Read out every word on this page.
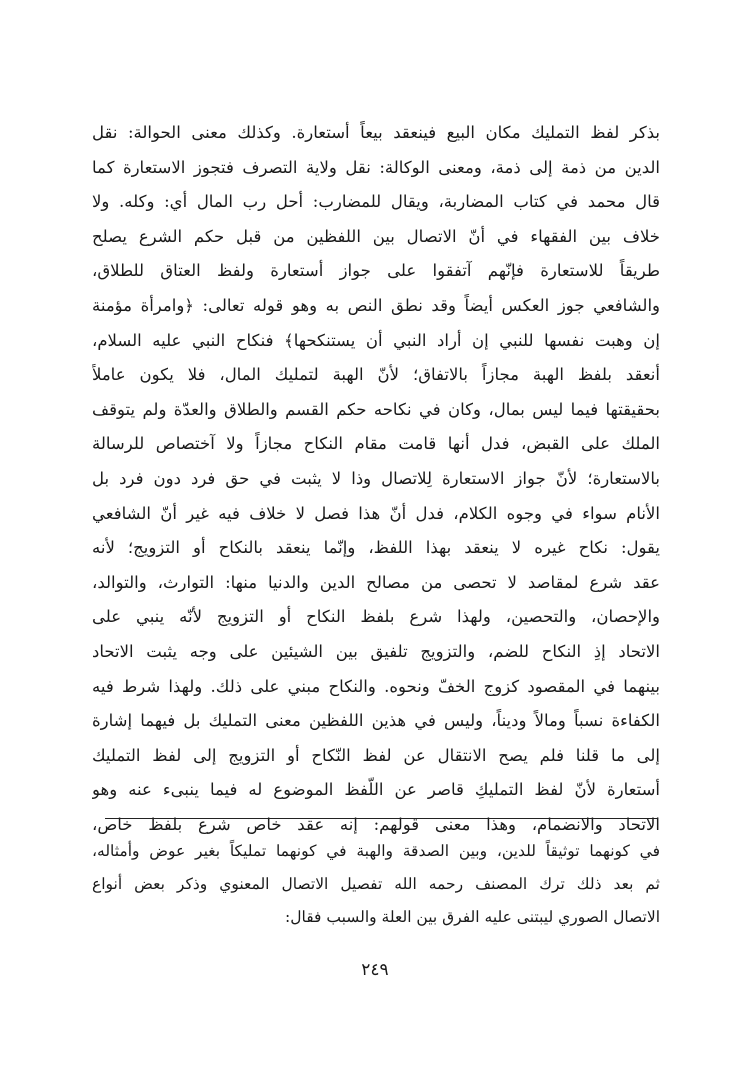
بذكر لفظ التمليك مكان البيع فينعقد بيعاً أستعارة. وكذلك معنى الحوالة: نقل
الدين من ذمة إلى ذمة، ومعنى الوكالة: نقل ولاية التصرف فتجوز الاستعارة كما
قال محمد في كتاب المضاربة، ويقال للمضارب: أحل رب المال أي: وكله. ولا
خلاف بين الفقهاء في أنّ الاتصال بين اللفظين من قبل حكم الشرع يصلح
طريقاً للاستعارة فإنّهم آتفقوا على جواز أستعارة ولفظ العتاق للطلاق،
والشافعي جوز العكس أيضاً وقد نطق النص به وهو قوله تعالى: ﴿وامرأة مؤمنة
إن وهبت نفسها للنبي إن أراد النبي أن يستنكحها﴾ فنكاح النبي عليه السلام،
أنعقد بلفظ الهبة مجازاً بالاتفاق؛ لأنّ الهبة لتمليك المال، فلا يكون عاملاً
بحقيقتها فيما ليس بمال، وكان في نكاحه حكم القسم والطلاق والعدّة ولم يتوقف
الملك على القبض، فدل أنها قامت مقام النكاح مجازاً ولا آختصاص للرسالة
بالاستعارة؛ لأنّ جواز الاستعارة لِلاتصال وذا لا يثبت في حق فرد دون فرد بل
الأنام سواء في وجوه الكلام، فدل أنّ هذا فصل لا خلاف فيه غير أنّ الشافعي
يقول: نكاح غيره لا ينعقد بهذا اللفظ، وإنّما ينعقد بالنكاح أو التزويج؛ لأنه
عقد شرع لمقاصد لا تحصى من مصالح الدين والدنيا منها: التوارث، والتوالد،
والإحصان، والتحصين، ولهذا شرع بلفظ النكاح أو التزويج لأنّه ينبي على
الاتحاد إذِ النكاح للضم، والتزويج تلفيق بين الشيئين على وجه يثبت الاتحاد
بينهما في المقصود كزوج الخفّ ونحوه. والنكاح مبني على ذلك. ولهذا شرط فيه
الكفاءة نسباً ومالاً وديناً، وليس في هذين اللفظين معنى التمليك بل فيهما إشارة
إلى ما قلنا فلم يصح الانتقال عن لفظ النّكاح أو التزويج إلى لفظ التمليك
أستعارة لأنّ لفظ التمليكِ قاصر عن اللّفظ الموضوع له فيما ينبىء عنه وهو
الاتحاد والانضمام، وهذا معنى قولهم: إنه عقد خاص شرع بلفظ خاص،
في كونهما توثيقاً للدين، وبين الصدقة والهبة في كونهما تمليكاً بغير عوض وأمثاله،
ثم بعد ذلك ترك المصنف رحمه الله تفصيل الاتصال المعنوي وذكر بعض أنواع
الاتصال الصوري ليبتنى عليه الفرق بين العلة والسبب فقال:
٢٤٩
